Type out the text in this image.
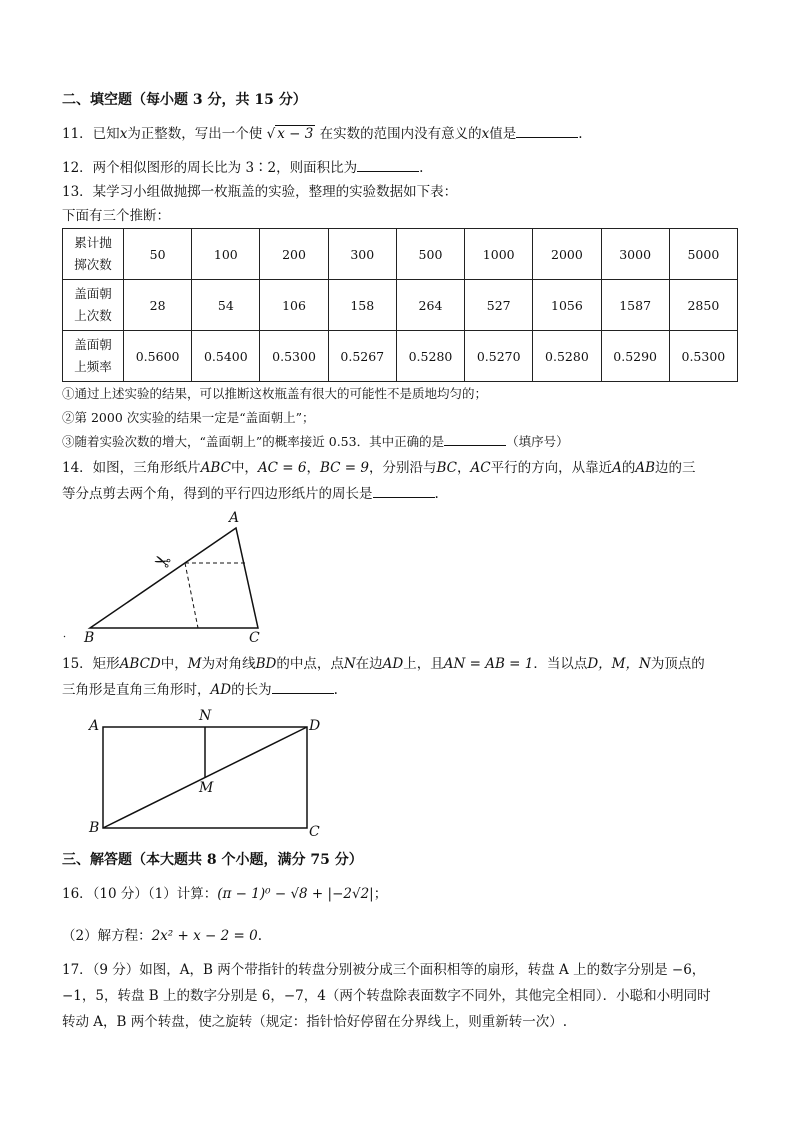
二、填空题（每小题 3 分，共 15 分）
11．已知x为正整数，写出一个使 √ x − 3 在实数的范围内没有意义的x值是	.
12．两个相似图形的周长比为 3∶2，则面积比为	.
13．某学习小组做抛掷一枚瓶盖的实验，整理的实验数据如下表：
下面有三个推断：
累计抛
掷次数	50	100	200	300	500	1000	2000	3000	5000
盖面朝
上次数	28	54	106	158	264	527	1056	1587	2850
盖面朝
上频率	0.5600	0.5400	0.5300	0.5267	0.5280	0.5270	0.5280	0.5290	0.5300
①通过上述实验的结果，可以推断这枚瓶盖有很大的可能性不是质地均匀的；
②第 2000 次实验的结果一定是“盖面朝上”；
③随着实验次数的增大，“盖面朝上”的概率接近 0.53．其中正确的是	（填序号）
14．如图，三角形纸片ABC中，AC = 6，BC = 9，分别沿与BC，AC平行的方向，从靠近A的AB边的三
等分点剪去两个角，得到的平行四边形纸片的周长是	.
A
B	C
✂
15．矩形ABCD中，M为对角线BD的中点，点N在边AD上，且AN = AB = 1．当以点D，M，N为顶点的
三角形是直角三角形时，AD的长为	.
A
N
D
M
B	C
三、解答题（本大题共 8 个小题，满分 75 分）
16．（10 分）（1）计算：(π − 1)⁰ − √8 + |−2√2|；
（2）解方程：2x² + x − 2 = 0.
17．（9 分）如图，A，B 两个带指针的转盘分别被分成三个面积相等的扇形，转盘 A 上的数字分别是 −6，
−1，5，转盘 B 上的数字分别是 6，−7，4（两个转盘除表面数字不同外，其他完全相同）．小聪和小明同时
转动 A，B 两个转盘，使之旋转（规定：指针恰好停留在分界线上，则重新转一次）.
